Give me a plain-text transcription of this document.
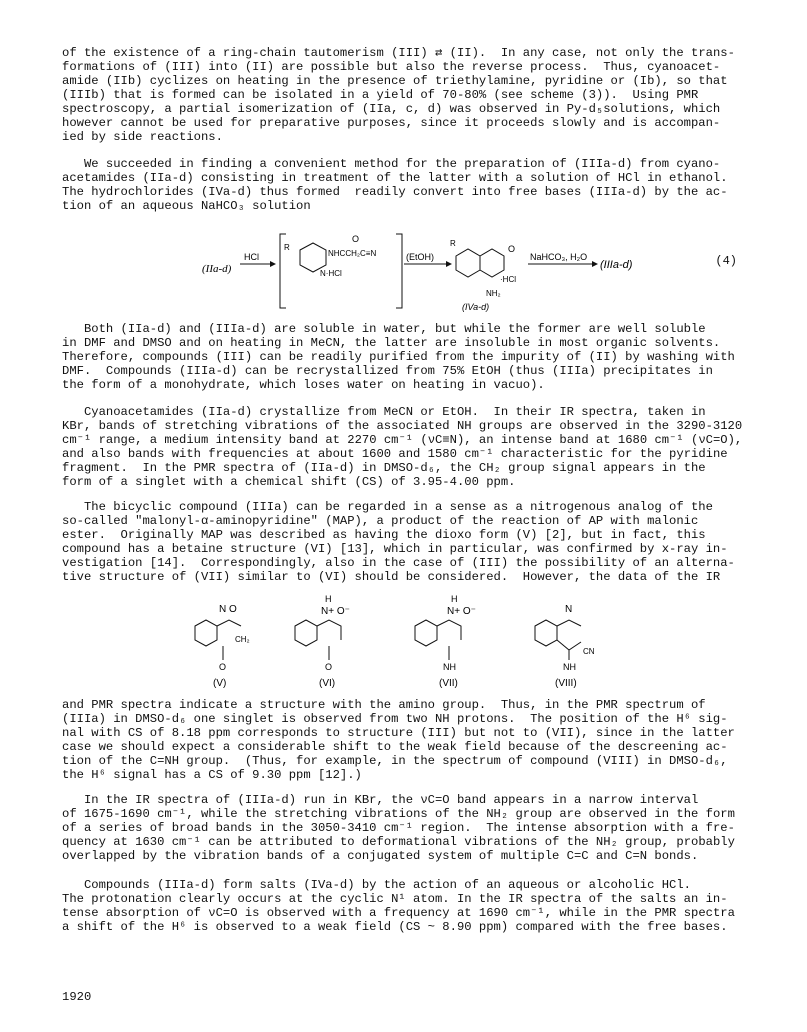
of the existence of a ring-chain tautomerism (III) ⇄ (II).  In any case, not only the trans-
formations of (III) into (II) are possible but also the reverse process.  Thus, cyanoacet-
amide (IIb) cyclizes on heating in the presence of triethylamine, pyridine or (Ib), so that
(IIIb) that is formed can be isolated in a yield of 70-80% (see scheme (3)).  Using PMR
spectroscopy, a partial isomerization of (IIa, c, d) was observed in Py-d₅solutions, which
however cannot be used for preparative purposes, since it proceeds slowly and is accompan-
ied by side reactions.
We succeeded in finding a convenient method for the preparation of (IIIa-d) from cyano-
acetamides (IIa-d) consisting in treatment of the latter with a solution of HCl in ethanol.
The hydrochlorides (IVa-d) thus formed  readily convert into free bases (IIIa-d) by the ac-
tion of an aqueous NaHCO₃ solution
(IIa-d)
HCl
R
O
NHCCH₂C≡N
N·HCl
(EtOH)
R
O
·HCl
NH₂
(IVa-d)
NaHCO₃, H₂O
(IIIa-d)	(4)
Both (IIa-d) and (IIIa-d) are soluble in water, but while the former are well soluble
in DMF and DMSO and on heating in MeCN, the latter are insoluble in most organic solvents.
Therefore, compounds (III) can be readily purified from the impurity of (II) by washing with
DMF.  Compounds (IIIa-d) can be recrystallized from 75% EtOH (thus (IIIa) precipitates in
the form of a monohydrate, which loses water on heating in vacuo).
Cyanoacetamides (IIa-d) crystallize from MeCN or EtOH.  In their IR spectra, taken in
KBr, bands of stretching vibrations of the associated NH groups are observed in the 3290-3120
cm⁻¹ range, a medium intensity band at 2270 cm⁻¹ (νC≡N), an intense band at 1680 cm⁻¹ (νC=O),
and also bands with frequencies at about 1600 and 1580 cm⁻¹ characteristic for the pyridine
fragment.  In the PMR spectra of (IIa-d) in DMSO-d₆, the CH₂ group signal appears in the
form of a singlet with a chemical shift (CS) of 3.95-4.00 ppm.
The bicyclic compound (IIIa) can be regarded in a sense as a nitrogenous analog of the
so-called "malonyl-α-aminopyridine" (MAP), a product of the reaction of AP with malonic
ester.  Originally MAP was described as having the dioxo form (V) [2], but in fact, this
compound has a betaine structure (VI) [13], which in particular, was confirmed by x-ray in-
vestigation [14].  Correspondingly, also in the case of (III) the possibility of an alterna-
tive structure of (VII) similar to (VI) should be considered.  However, the data of the IR
N O
CH₂
O
(V)
H
N+ O⁻
O
(VI)
H
N+ O⁻
NH
(VII)
N
CN
NH
(VIII)
and PMR spectra indicate a structure with the amino group.  Thus, in the PMR spectrum of
(IIIa) in DMSO-d₆ one singlet is observed from two NH protons.  The position of the H⁶ sig-
nal with CS of 8.18 ppm corresponds to structure (III) but not to (VII), since in the latter
case we should expect a considerable shift to the weak field because of the descreening ac-
tion of the C=NH group.  (Thus, for example, in the spectrum of compound (VIII) in DMSO-d₆,
the H⁶ signal has a CS of 9.30 ppm [12].)
In the IR spectra of (IIIa-d) run in KBr, the νC=O band appears in a narrow interval
of 1675-1690 cm⁻¹, while the stretching vibrations of the NH₂ group are observed in the form
of a series of broad bands in the 3050-3410 cm⁻¹ region.  The intense absorption with a fre-
quency at 1630 cm⁻¹ can be attributed to deformational vibrations of the NH₂ group, probably
overlapped by the vibration bands of a conjugated system of multiple C=C and C=N bonds.
Compounds (IIIa-d) form salts (IVa-d) by the action of an aqueous or alcoholic HCl.
The protonation clearly occurs at the cyclic N¹ atom. In the IR spectra of the salts an in-
tense absorption of νC=O is observed with a frequency at 1690 cm⁻¹, while in the PMR spectra
a shift of the H⁶ is observed to a weak field (CS ~ 8.90 ppm) compared with the free bases.
1920
